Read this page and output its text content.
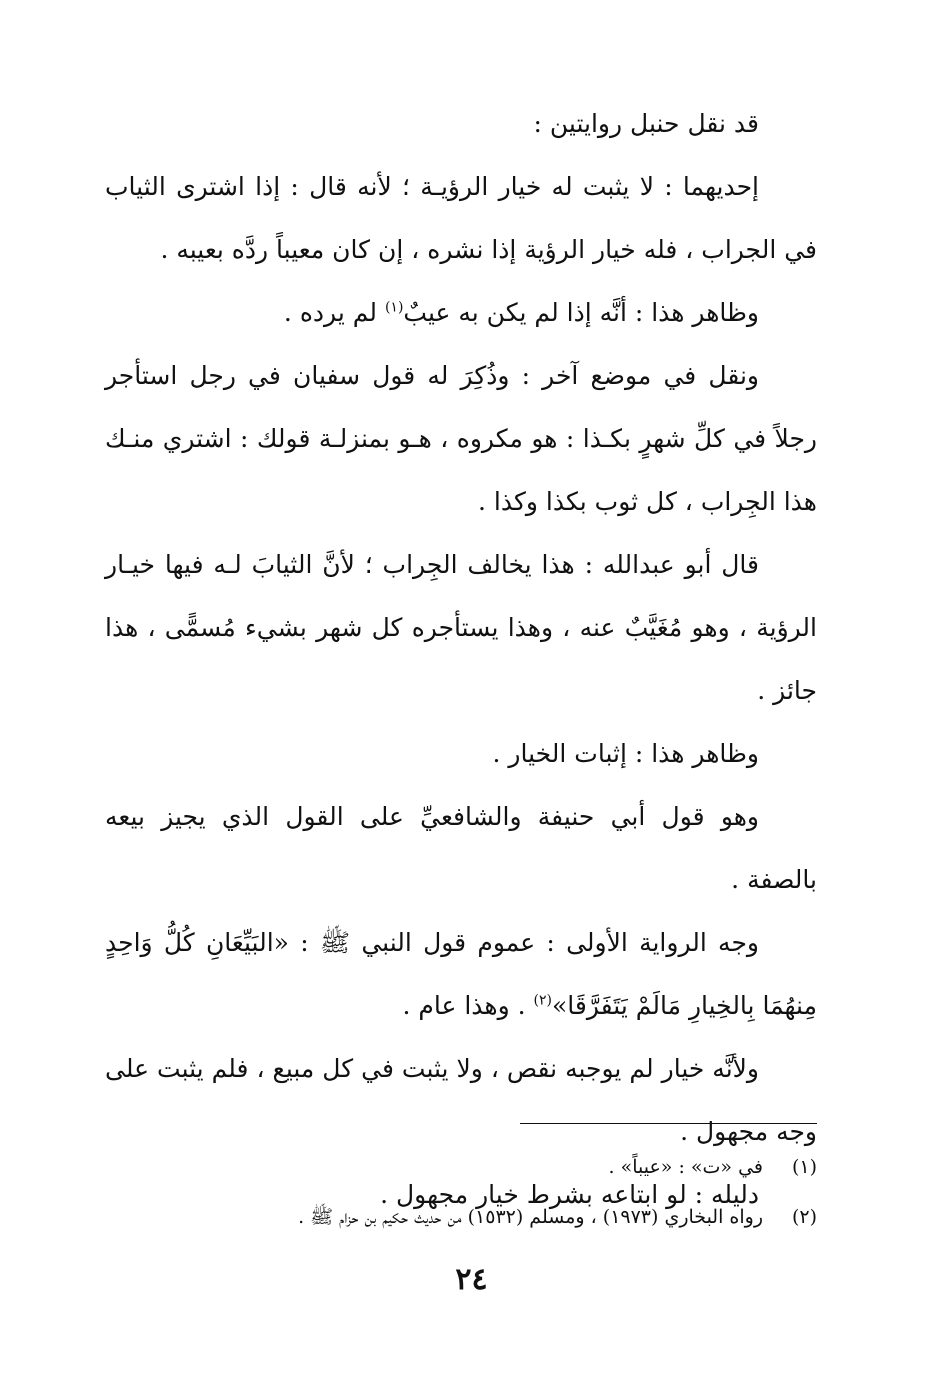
قد نقل حنبل روايتين :

إحديهما : لا يثبت له خيار الرؤيـة ؛ لأنه قال : إذا اشترى الثياب في الجراب ، فله خيار الرؤية إذا نشره ، إن كان معيباً ردَّه بعيبه .

وظاهر هذا : أنَّه إذا لم يكن به عيبٌ$^{(١)}$ لم يرده .

ونقل في موضع آخر : وذُكِرَ له قول سفيان في رجل استأجر رجلاً في كلِّ شهرٍ بكـذا : هو مكروه ، هـو بمنزلـة قولك : اشتري منـك هذا الجِراب ، كل ثوب بكذا وكذا .

قال أبو عبدالله : هذا يخالف الجِراب ؛ لأنَّ الثيابَ لـه فيها خيـار الرؤية ، وهو مُغَيَّبٌ عنه ، وهذا يستأجره كل شهر بشيء مُسمًّى ، هذا جائز .

وظاهر هذا : إثبات الخيار .

وهو قول أبي حنيفة والشافعيِّ على القول الذي يجيز بيعه بالصفة .

وجه الرواية الأولى : عموم قول النبي ﷺ : «البَيِّعَانِ كُلُّ وَاحِدٍ مِنهُمَا بِالخِيارِ مَالَمْ يَتَفَرَّقَا»$^{(٢)}$ . وهذا عام .

ولأنَّه خيار لم يوجبه نقص ، ولا يثبت في كل مبيع ، فلم يثبت على وجه مجهول .

دليله : لو ابتاعه بشرط خيار مجهول .

(١)
في «ت» : «عيباً» .
(٢)
رواه البخاري (١٩٧٣) ، ومسلم (١٥٣٢) من حديث حكيم بن حزام ﷺ .
٢٤
